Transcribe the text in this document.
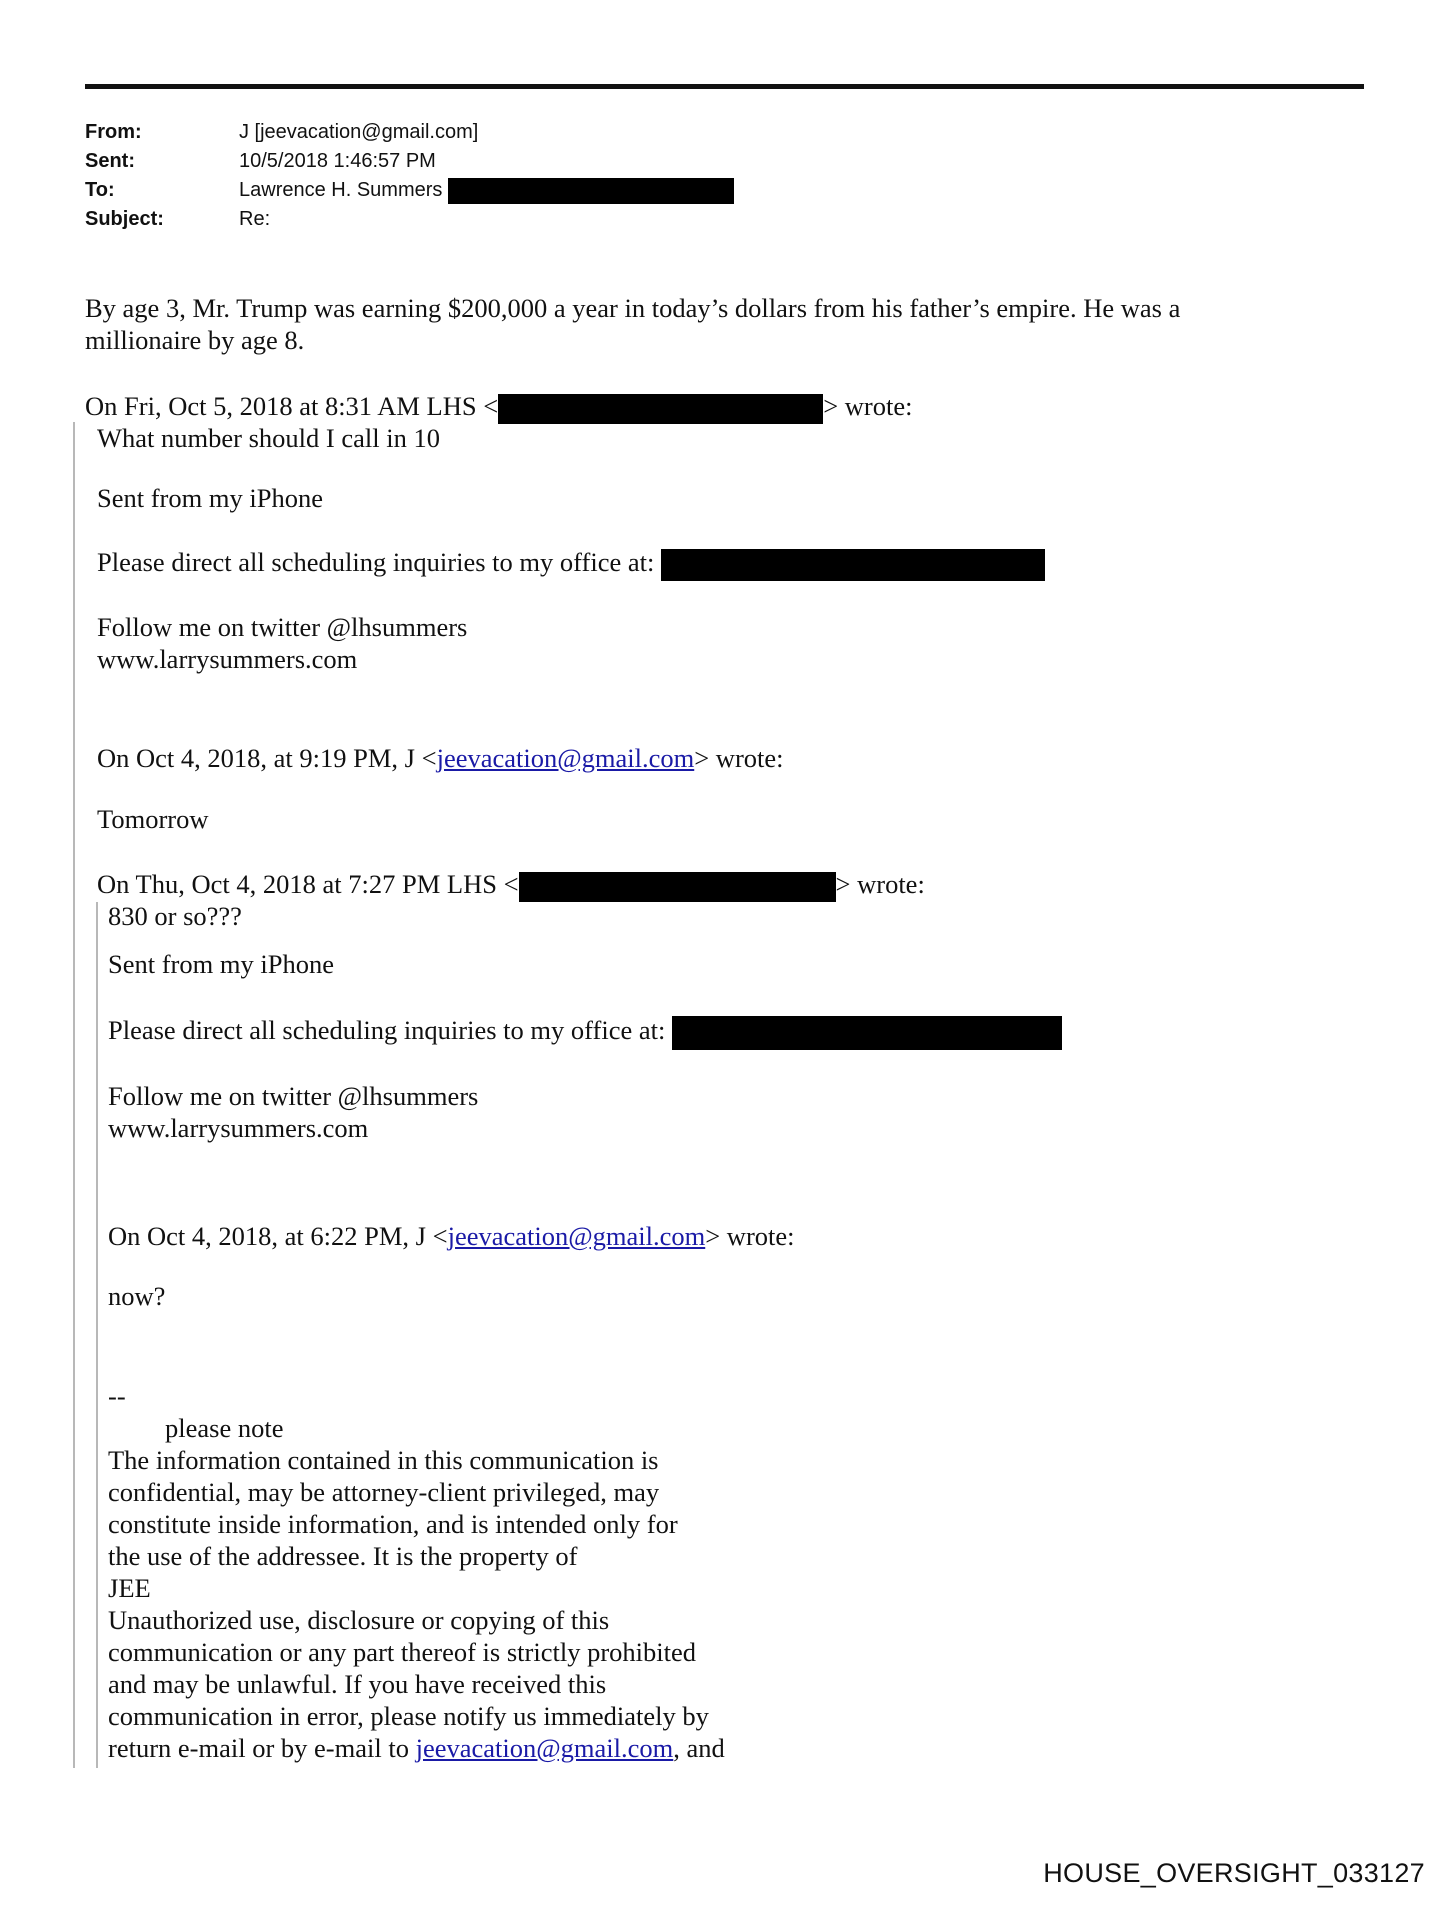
From:	J [jeevacation@gmail.com]
Sent:	10/5/2018 1:46:57 PM
To:	Lawrence H. Summers
Subject:	Re:
By age 3, Mr. Trump was earning $200,000 a year in today’s dollars from his father’s empire. He was a
millionaire by age 8.
On Fri, Oct 5, 2018 at 8:31 AM LHS <	> wrote:
What number should I call in 10
Sent from my iPhone
Please direct all scheduling inquiries to my office at:
Follow me on twitter @lhsummers
www.larrysummers.com
On Oct 4, 2018, at 9:19 PM, J <jeevacation@gmail.com> wrote:
Tomorrow
On Thu, Oct 4, 2018 at 7:27 PM LHS <	> wrote:
830 or so???
Sent from my iPhone
Please direct all scheduling inquiries to my office at:
Follow me on twitter @lhsummers
www.larrysummers.com
On Oct 4, 2018, at 6:22 PM, J <jeevacation@gmail.com> wrote:
now?
--
please note
The information contained in this communication is
confidential, may be attorney-client privileged, may
constitute inside information, and is intended only for
the use of the addressee. It is the property of
JEE
Unauthorized use, disclosure or copying of this
communication or any part thereof is strictly prohibited
and may be unlawful. If you have received this
communication in error, please notify us immediately by
return e-mail or by e-mail to jeevacation@gmail.com, and
HOUSE_OVERSIGHT_033127
